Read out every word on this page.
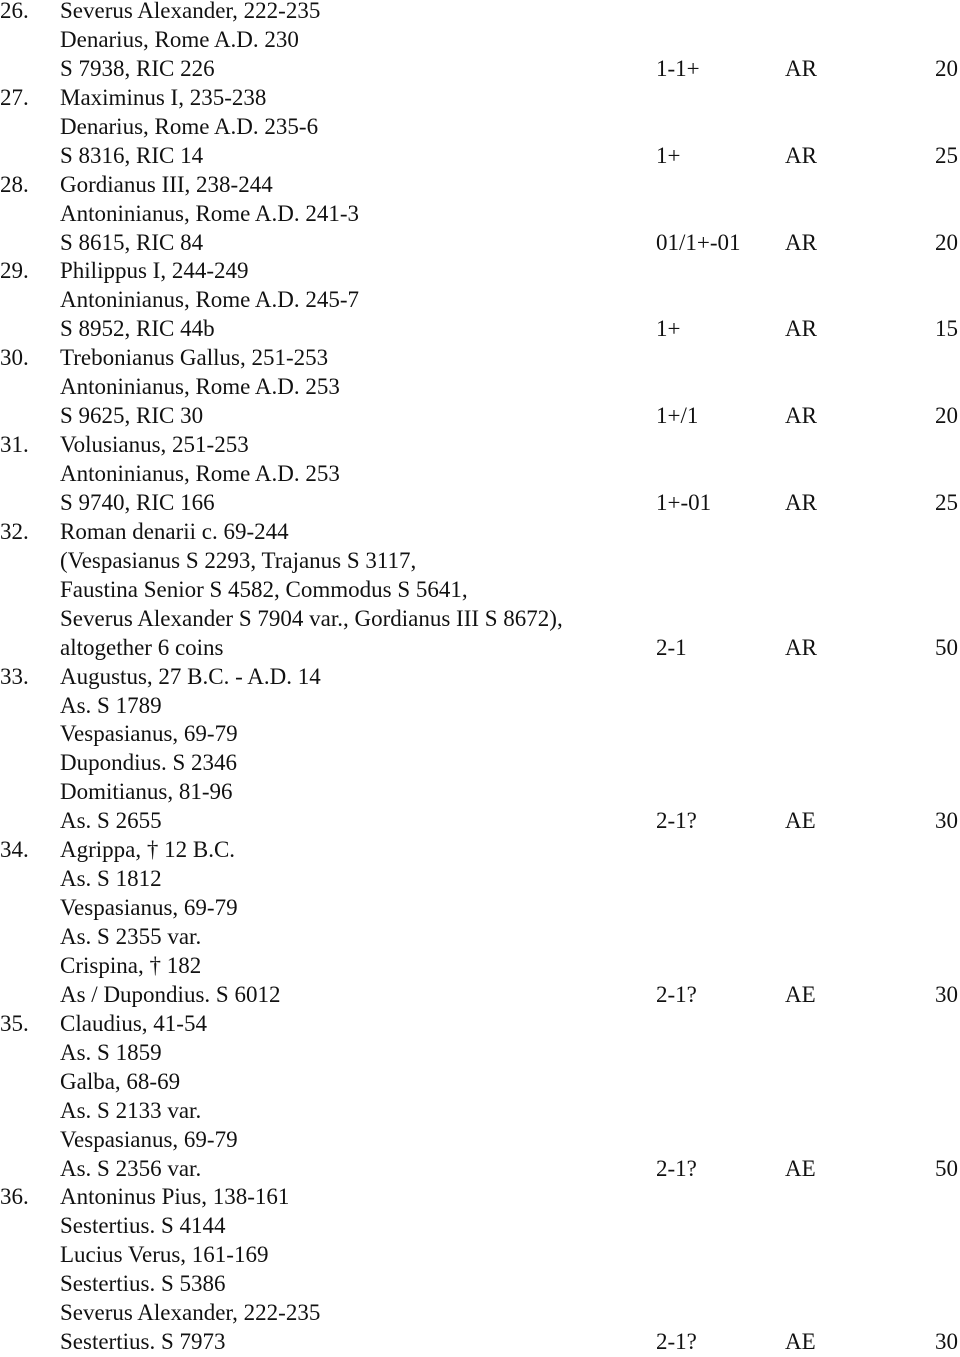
26. Severus Alexander, 222-235
Denarius, Rome A.D. 230
S 7938, RIC 226	1-1+	AR	20
27. Maximinus I, 235-238
Denarius, Rome A.D. 235-6
S 8316, RIC 14	1+	AR	25
28. Gordianus III, 238-244
Antoninianus, Rome A.D. 241-3
S 8615, RIC 84	01/1+-01 AR	20
29. Philippus I, 244-249
Antoninianus, Rome A.D. 245-7
S 8952, RIC 44b	1+	AR	15
30. Trebonianus Gallus, 251-253
Antoninianus, Rome A.D. 253
S 9625, RIC 30	1+/1	AR	20
31. Volusianus, 251-253
Antoninianus, Rome A.D. 253
S 9740, RIC 166	1+-01	AR	25
32. Roman denarii c. 69-244
(Vespasianus S 2293, Trajanus S 3117,
Faustina Senior S 4582, Commodus S 5641,
Severus Alexander S 7904 var., Gordianus III S 8672),
altogether 6 coins	2-1	AR	50
33. Augustus, 27 B.C. - A.D. 14
As. S 1789
Vespasianus, 69-79
Dupondius. S 2346
Domitianus, 81-96
As. S 2655	2-1?	AE	30
34. Agrippa, † 12 B.C.
As. S 1812
Vespasianus, 69-79
As. S 2355 var.
Crispina, † 182
As / Dupondius. S 6012	2-1?	AE	30
35. Claudius, 41-54
As. S 1859
Galba, 68-69
As. S 2133 var.
Vespasianus, 69-79
As. S 2356 var.	2-1?	AE	50
36. Antoninus Pius, 138-161
Sestertius. S 4144
Lucius Verus, 161-169
Sestertius. S 5386
Severus Alexander, 222-235
Sestertius. S 7973	2-1?	AE	30
